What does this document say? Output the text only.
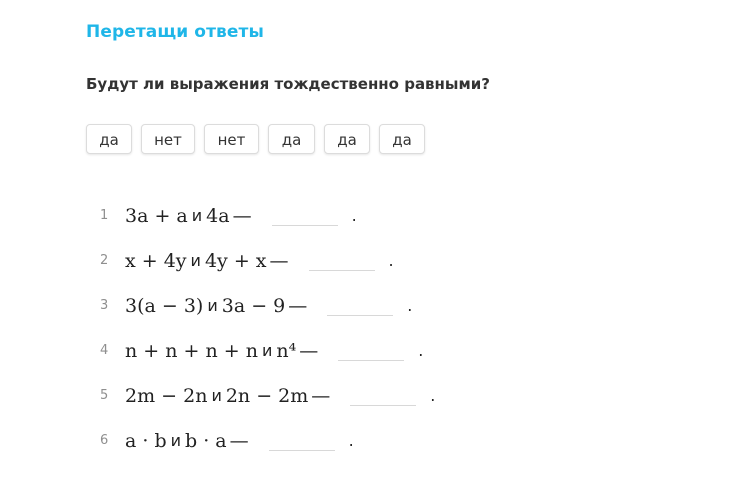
Перетащи ответы
Будут ли выражения тождественно равными?
да	нет	нет	да	да	да
1 3a + a и 4a —	.
2 x + 4y и 4y + x —	.
3 3(a − 3) и 3a − 9 —	.
4 n + n + n + n и n⁴ —	.
5 2m − 2n и 2n − 2m —	.
6 a · b и b · a —	.
